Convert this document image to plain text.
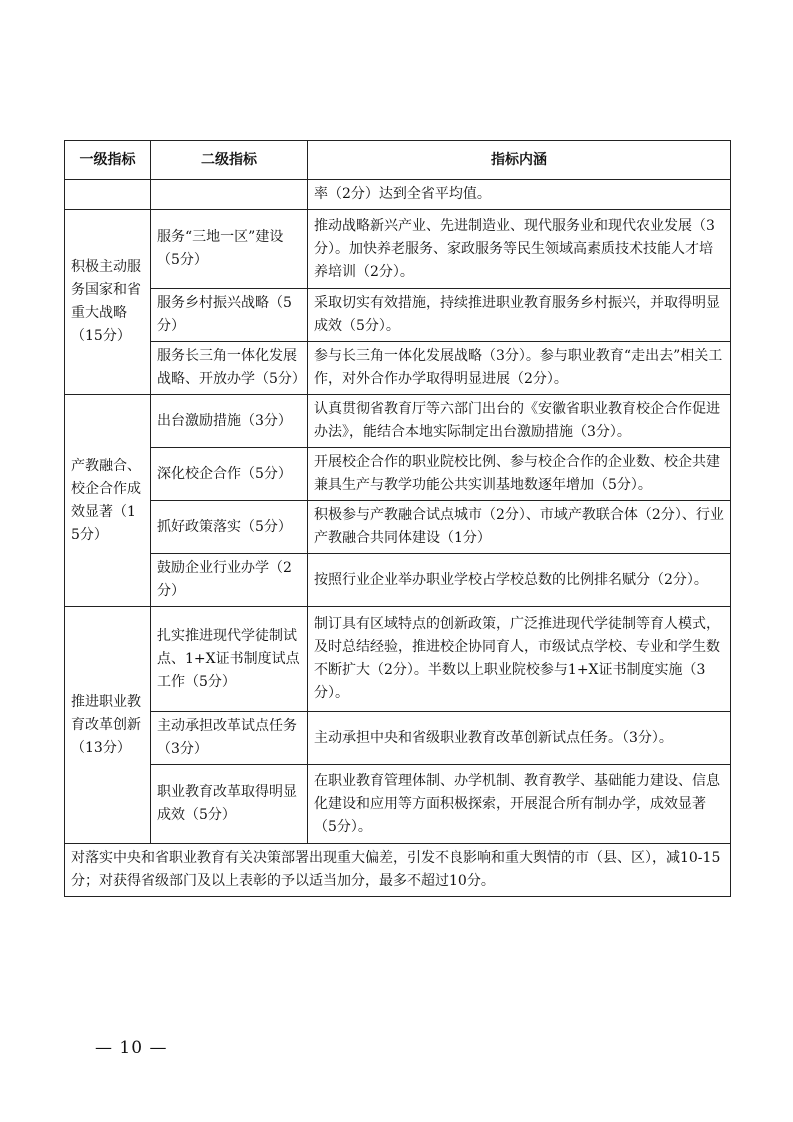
一级指标	二级指标	指标内涵
		率（2分）达到全省平均值。
积极主动服务国家和省重大战略（15分）	服务“三地一区”建设（5分）	推动战略新兴产业、先进制造业、现代服务业和现代农业发展（3分）。加快养老服务、家政服务等民生领域高素质技术技能人才培养培训（2分）。
	服务乡村振兴战略（5分）	采取切实有效措施，持续推进职业教育服务乡村振兴，并取得明显成效（5分）。
	服务长三角一体化发展战略、开放办学（5分）	参与长三角一体化发展战略（3分）。参与职业教育“走出去”相关工作，对外合作办学取得明显进展（2分）。
产教融合、校企合作成效显著（15分）	出台激励措施（3分）	认真贯彻省教育厅等六部门出台的《安徽省职业教育校企合作促进办法》，能结合本地实际制定出台激励措施（3分）。
	深化校企合作（5分）	开展校企合作的职业院校比例、参与校企合作的企业数、校企共建兼具生产与教学功能公共实训基地数逐年增加（5分）。
	抓好政策落实（5分）	积极参与产教融合试点城市（2分）、市域产教联合体（2分）、行业产教融合共同体建设（1分）
	鼓励企业行业办学（2分）	按照行业企业举办职业学校占学校总数的比例排名赋分（2分）。
推进职业教育改革创新（13分）	扎实推进现代学徒制试点、1+X证书制度试点工作（5分）	制订具有区域特点的创新政策，广泛推进现代学徒制等育人模式，及时总结经验，推进校企协同育人，市级试点学校、专业和学生数不断扩大（2分）。半数以上职业院校参与1+X证书制度实施（3分）。
	主动承担改革试点任务（3分）	主动承担中央和省级职业教育改革创新试点任务。（3分）。
	职业教育改革取得明显成效（5分）	在职业教育管理体制、办学机制、教育教学、基础能力建设、信息化建设和应用等方面积极探索，开展混合所有制办学，成效显著（5分）。
对落实中央和省职业教育有关决策部署出现重大偏差，引发不良影响和重大舆情的市（县、区），减10-15分；对获得省级部门及以上表彰的予以适当加分，最多不超过10分。		
— 10 —
